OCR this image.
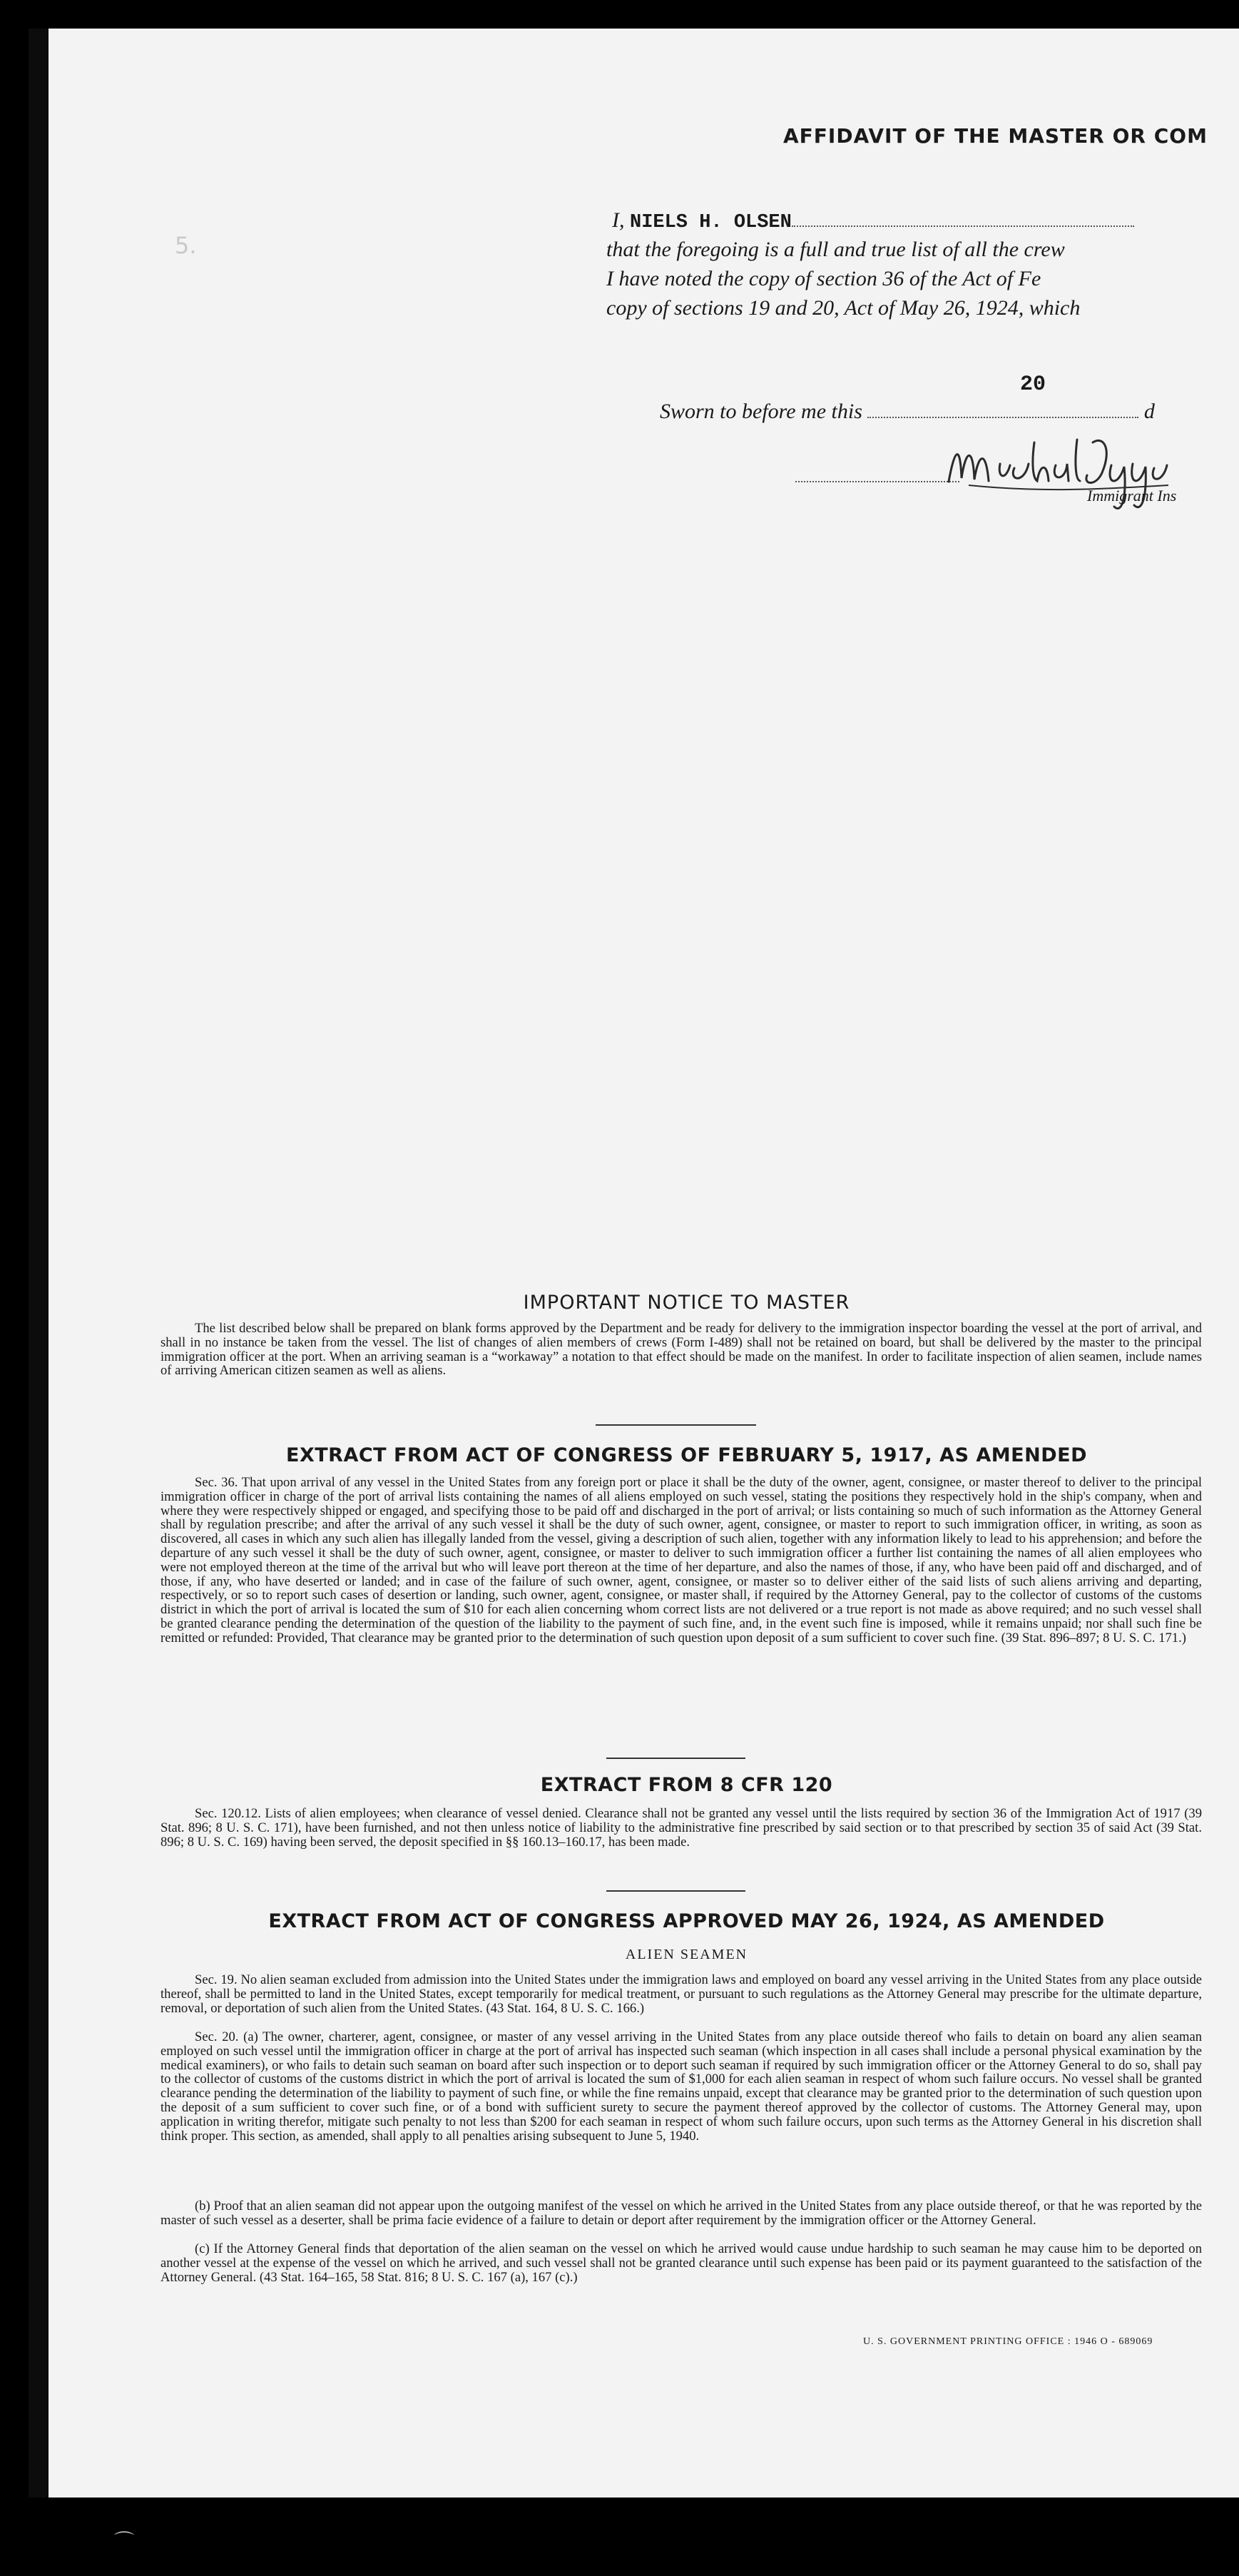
5.
AFFIDAVIT OF THE MASTER OR COM
I, NIELS H. OLSEN
that the foregoing is a full and true list of all the crew
I have noted the copy of section 36 of the Act of Fe
copy of sections 19 and 20, Act of May 26, 1924, which
20
Sworn to before me this	d
Immigrant Ins
IMPORTANT NOTICE TO MASTER

The list described below shall be prepared on blank forms approved by the Department and be ready for delivery to the immigration inspector boarding the vessel at the port of arrival, and shall in no instance be taken from the vessel. The list of changes of alien members of crews (Form I-489) shall not be retained on board, but shall be delivered by the master to the principal immigration officer at the port. When an arriving seaman is a “workaway” a notation to that effect should be made on the manifest. In order to facilitate inspection of alien seamen, include names of arriving American citizen seamen as well as aliens.

EXTRACT FROM ACT OF CONGRESS OF FEBRUARY 5, 1917, AS AMENDED

Sec. 36. That upon arrival of any vessel in the United States from any foreign port or place it shall be the duty of the owner, agent, consignee, or master thereof to deliver to the principal immigration officer in charge of the port of arrival lists containing the names of all aliens employed on such vessel, stating the positions they respectively hold in the ship's company, when and where they were respectively shipped or engaged, and specifying those to be paid off and discharged in the port of arrival; or lists containing so much of such information as the Attorney General shall by regulation prescribe; and after the arrival of any such vessel it shall be the duty of such owner, agent, consignee, or master to report to such immigration officer, in writing, as soon as discovered, all cases in which any such alien has illegally landed from the vessel, giving a description of such alien, together with any information likely to lead to his apprehension; and before the departure of any such vessel it shall be the duty of such owner, agent, consignee, or master to deliver to such immigration officer a further list containing the names of all alien employees who were not employed thereon at the time of the arrival but who will leave port thereon at the time of her departure, and also the names of those, if any, who have been paid off and discharged, and of those, if any, who have deserted or landed; and in case of the failure of such owner, agent, consignee, or master so to deliver either of the said lists of such aliens arriving and departing, respectively, or so to report such cases of desertion or landing, such owner, agent, consignee, or master shall, if required by the Attorney General, pay to the collector of customs of the customs district in which the port of arrival is located the sum of $10 for each alien concerning whom correct lists are not delivered or a true report is not made as above required; and no such vessel shall be granted clearance pending the determination of the question of the liability to the payment of such fine, and, in the event such fine is imposed, while it remains unpaid; nor shall such fine be remitted or refunded: Provided, That clearance may be granted prior to the determination of such question upon deposit of a sum sufficient to cover such fine. (39 Stat. 896–897; 8 U. S. C. 171.)

EXTRACT FROM 8 CFR 120

Sec. 120.12. Lists of alien employees; when clearance of vessel denied. Clearance shall not be granted any vessel until the lists required by section 36 of the Immigration Act of 1917 (39 Stat. 896; 8 U. S. C. 171), have been furnished, and not then unless notice of liability to the administrative fine prescribed by said section or to that prescribed by section 35 of said Act (39 Stat. 896; 8 U. S. C. 169) having been served, the deposit specified in §§ 160.13–160.17, has been made.

EXTRACT FROM ACT OF CONGRESS APPROVED MAY 26, 1924, AS AMENDED
ALIEN SEAMEN

Sec. 19. No alien seaman excluded from admission into the United States under the immigration laws and employed on board any vessel arriving in the United States from any place outside thereof, shall be permitted to land in the United States, except temporarily for medical treatment, or pursuant to such regulations as the Attorney General may prescribe for the ultimate departure, removal, or deportation of such alien from the United States. (43 Stat. 164, 8 U. S. C. 166.)

Sec. 20. (a) The owner, charterer, agent, consignee, or master of any vessel arriving in the United States from any place outside thereof who fails to detain on board any alien seaman employed on such vessel until the immigration officer in charge at the port of arrival has inspected such seaman (which inspection in all cases shall include a personal physical examination by the medical examiners), or who fails to detain such seaman on board after such inspection or to deport such seaman if required by such immigration officer or the Attorney General to do so, shall pay to the collector of customs of the customs district in which the port of arrival is located the sum of $1,000 for each alien seaman in respect of whom such failure occurs. No vessel shall be granted clearance pending the determination of the liability to payment of such fine, or while the fine remains unpaid, except that clearance may be granted prior to the determination of such question upon the deposit of a sum sufficient to cover such fine, or of a bond with sufficient surety to secure the payment thereof approved by the collector of customs. The Attorney General may, upon application in writing therefor, mitigate such penalty to not less than $200 for each seaman in respect of whom such failure occurs, upon such terms as the Attorney General in his discretion shall think proper. This section, as amended, shall apply to all penalties arising subsequent to June 5, 1940.

(b) Proof that an alien seaman did not appear upon the outgoing manifest of the vessel on which he arrived in the United States from any place outside thereof, or that he was reported by the master of such vessel as a deserter, shall be prima facie evidence of a failure to detain or deport after requirement by the immigration officer or the Attorney General.

(c) If the Attorney General finds that deportation of the alien seaman on the vessel on which he arrived would cause undue hardship to such seaman he may cause him to be deported on another vessel at the expense of the vessel on which he arrived, and such vessel shall not be granted clearance until such expense has been paid or its payment guaranteed to the satisfaction of the Attorney General. (43 Stat. 164–165, 58 Stat. 816; 8 U. S. C. 167 (a), 167 (c).)

U. S. GOVERNMENT PRINTING OFFICE : 1946 O - 689069
⌒
